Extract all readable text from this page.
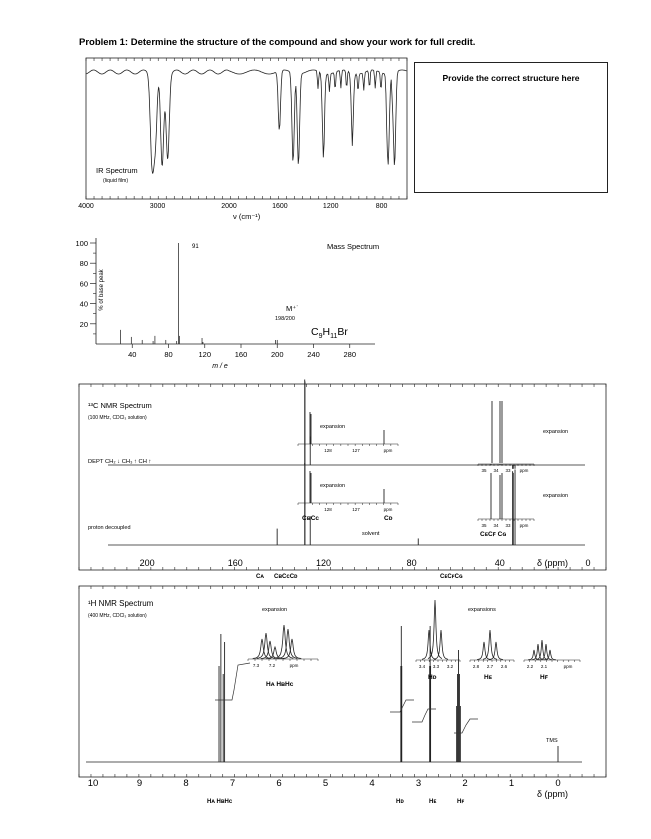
Problem 1: Determine the structure of the compound and show your work for full credit.
Provide the correct structure here
IR Spectrum
(liquid film)
4000	3000	2000	1600	1200	800
ν (cm⁻¹)
100
80
60
40
20
40	80	120	160	200	240	280
% of base peak
m / e
Mass Spectrum
91
M⁺˙
198/200
$C_9H_{11}Br$
¹³C NMR Spectrum
(100 MHz, CDCl₃ solution)
DEPT CH₂ ↓ CH₃ ↑ CH ↑
proton decoupled
128	127	ppm
128	127	ppm
35 34 33 ppm
35 34 33 ppm
expansion
expansion
expansion
expansion
CʙCᴄ	Cᴅ
CᴇCꜰ Cɢ
solvent
200	160	120	80	40	0
δ (ppm)
Cᴀ CʙCᴄCᴅ	CᴇCꜰCɢ
¹H NMR Spectrum
(400 MHz, CDCl₃ solution)
7.3 7.2	ppm	3.4 3.3 3.2	2.8 2.7 2.6	2.2 2.1	ppm
expansion	expansions
Hᴀ HʙHᴄ
Hᴅ	Hᴇ	Hꜰ
TMS
10	9	8	7	6	5	4	3	2	1	0
δ (ppm)
Hᴀ HʙHᴄ	Hᴅ	Hᴇ	Hꜰ
